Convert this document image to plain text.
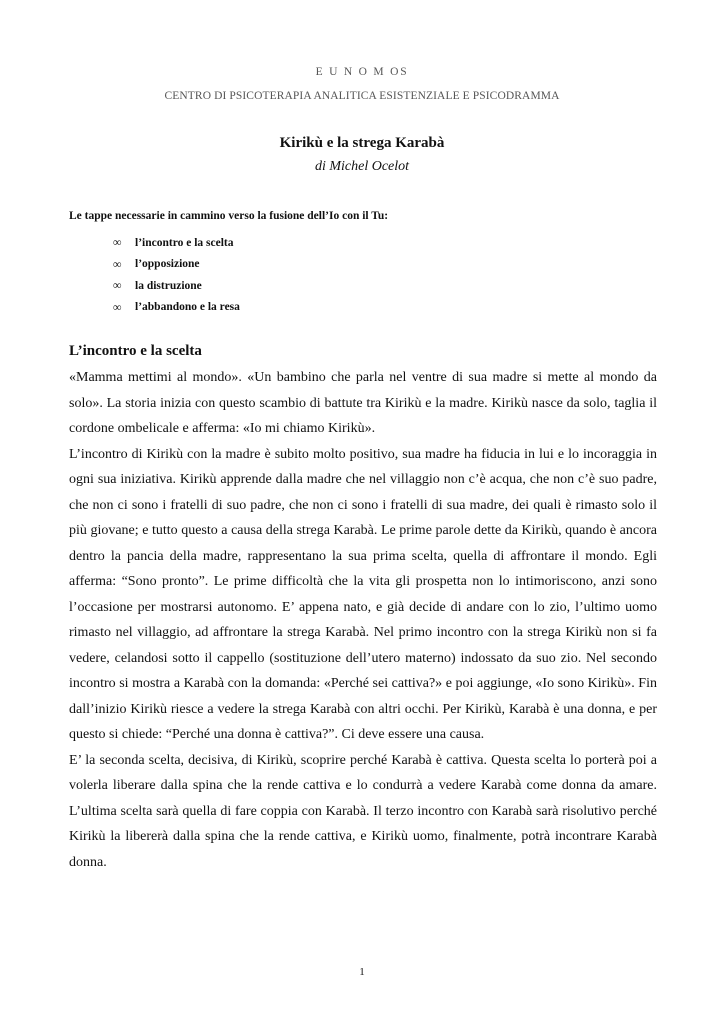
E U N O M OS
CENTRO DI PSICOTERAPIA ANALITICA ESISTENZIALE E PSICODRAMMA
Kirikù e la strega Karabà
di Michel Ocelot
Le tappe necessarie in cammino verso la fusione dell’Io con il Tu:
∞	l’incontro e la scelta
∞	l’opposizione
∞	la distruzione
∞	l’abbandono e la resa
L’incontro e la scelta

«Mamma mettimi al mondo». «Un bambino che parla nel ventre di sua madre si mette al mondo da solo». La storia inizia con questo scambio di battute tra Kirikù e la madre. Kirikù nasce da solo, taglia il cordone ombelicale e afferma: «Io mi chiamo Kirikù».

L’incontro di Kirikù con la madre è subito molto positivo, sua madre ha fiducia in lui e lo incoraggia in ogni sua iniziativa. Kirikù apprende dalla madre che nel villaggio non c’è acqua, che non c’è suo padre, che non ci sono i fratelli di suo padre, che non ci sono i fratelli di sua madre, dei quali è rimasto solo il più giovane; e tutto questo a causa della strega Karabà. Le prime parole dette da Kirikù, quando è ancora dentro la pancia della madre, rappresentano la sua prima scelta, quella di affrontare il mondo. Egli afferma: “Sono pronto”. Le prime difficoltà che la vita gli prospetta non lo intimoriscono, anzi sono l’occasione per mostrarsi autonomo. E’ appena nato, e già decide di andare con lo zio, l’ultimo uomo rimasto nel villaggio, ad affrontare la strega Karabà. Nel primo incontro con la strega Kirikù non si fa vedere, celandosi sotto il cappello (sostituzione dell’utero materno) indossato da suo zio. Nel secondo incontro si mostra a Karabà con la domanda: «Perché sei cattiva?» e poi aggiunge, «Io sono Kirikù». Fin dall’inizio Kirikù riesce a vedere la strega Karabà con altri occhi. Per Kirikù, Karabà è una donna, e per questo si chiede: “Perché una donna è cattiva?”. Ci deve essere una causa.

E’ la seconda scelta, decisiva, di Kirikù, scoprire perché Karabà è cattiva. Questa scelta lo porterà poi a volerla liberare dalla spina che la rende cattiva e lo condurrà a vedere Karabà come donna da amare. L’ultima scelta sarà quella di fare coppia con Karabà. Il terzo incontro con Karabà sarà risolutivo perché Kirikù la libererà dalla spina che la rende cattiva, e Kirikù uomo, finalmente, potrà incontrare Karabà donna.

1
